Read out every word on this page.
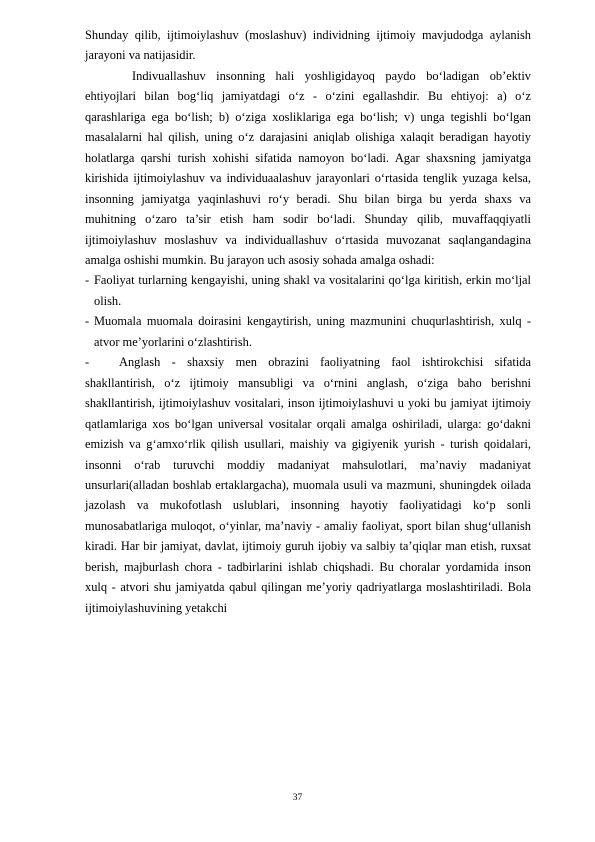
Shunday qilib, ijtimoiylashuv (moslashuv) individning ijtimoiy mavjudodga aylanish jarayoni va natijasidir.

Indivuallashuv insonning hali yoshligidayoq paydo bo‘ladigan ob’ektiv ehtiyojlari bilan bog‘liq jamiyatdagi o‘z - o‘zini egallashdir. Bu ehtiyoj: a) o‘z qarashlariga ega bo‘lish; b) o‘ziga xosliklariga ega bo‘lish; v) unga tegishli bo‘lgan masalalarni hal qilish, uning o‘z darajasini aniqlab olishiga xalaqit beradigan hayotiy holatlarga qarshi turish xohishi sifatida namoyon bo‘ladi. Agar shaxsning jamiyatga kirishida ijtimoiylashuv va individuaalashuv jarayonlari o‘rtasida tenglik yuzaga kelsa, insonning jamiyatga yaqinlashuvi ro‘y beradi. Shu bilan birga bu yerda shaxs va muhitning o‘zaro ta’sir etish ham sodir bo‘ladi. Shunday qilib, muvaffaqqiyatli ijtimoiylashuv moslashuv va individuallashuv o‘rtasida muvozanat saqlangandagina amalga oshishi mumkin. Bu jarayon uch asosiy sohada amalga oshadi:

- Faoliyat turlarning kengayishi, uning shakl va vositalarini qo‘lga kiritish, erkin mo‘ljal olish.

- Muomala muomala doirasini kengaytirish, uning mazmunini chuqurlashtirish, xulq - atvor me’yorlarini o‘zlashtirish.

- Anglash - shaxsiy men obrazini faoliyatning faol ishtirokchisi sifatida shakllantirish, o‘z ijtimoiy mansubligi va o‘rnini anglash, o‘ziga baho berishni shakllantirish, ijtimoiylashuv vositalari, inson ijtimoiylashuvi u yoki bu jamiyat ijtimoiy qatlamlariga xos bo‘lgan universal vositalar orqali amalga oshiriladi, ularga: go‘dakni emizish va g‘amxo‘rlik qilish usullari, maishiy va gigiyenik yurish - turish qoidalari, insonni o‘rab turuvchi moddiy madaniyat mahsulotlari, ma’naviy madaniyat unsurlari(alladan boshlab ertaklargacha), muomala usuli va mazmuni, shuningdek oilada jazolash va mukofotlash uslublari, insonning hayotiy faoliyatidagi ko‘p sonli munosabatlariga muloqot, o‘yinlar, ma’naviy - amaliy faoliyat, sport bilan shug‘ullanish kiradi. Har bir jamiyat, davlat, ijtimoiy guruh ijobiy va salbiy ta’qiqlar man etish, ruxsat berish, majburlash chora - tadbirlarini ishlab chiqshadi. Bu choralar yordamida inson xulq - atvori shu jamiyatda qabul qilingan me’yoriy qadriyatlarga moslashtiriladi. Bola ijtimoiylashuvining yetakchi

37
